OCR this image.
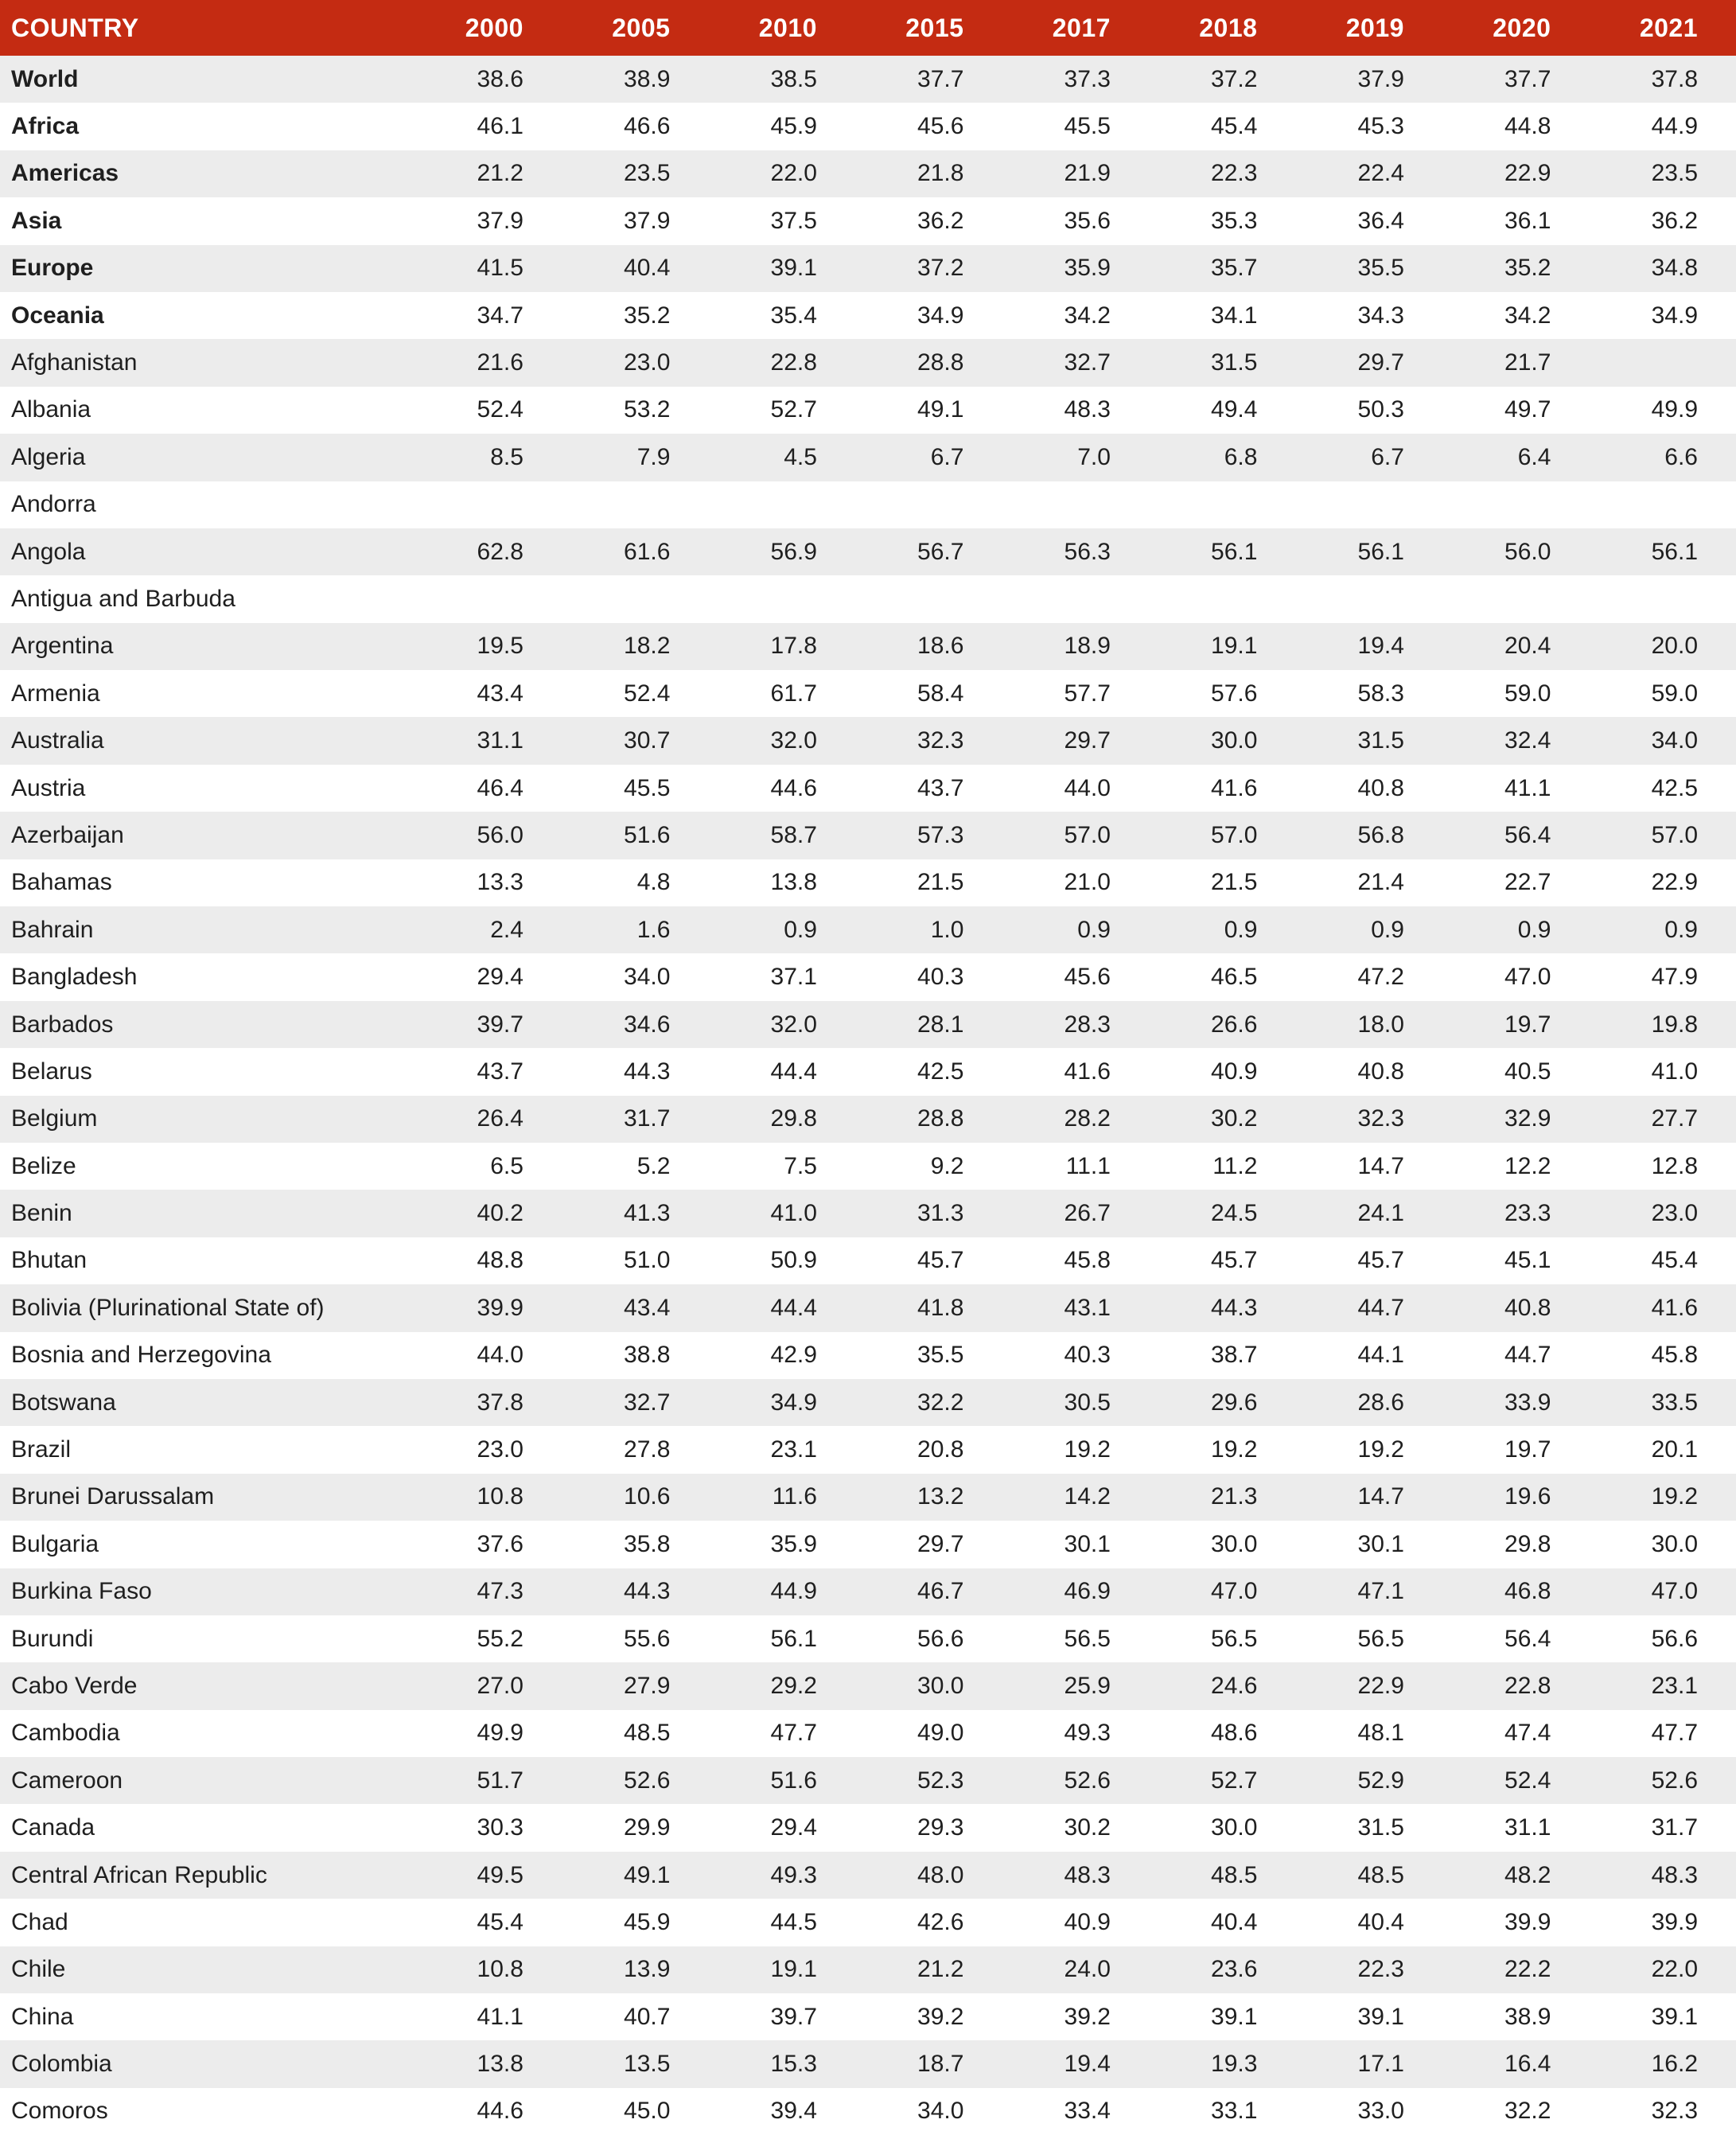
COUNTRY	2000	2005	2010	2015	2017	2018	2019	2020	2021
World	38.6	38.9	38.5	37.7	37.3	37.2	37.9	37.7	37.8
Africa	46.1	46.6	45.9	45.6	45.5	45.4	45.3	44.8	44.9
Americas	21.2	23.5	22.0	21.8	21.9	22.3	22.4	22.9	23.5
Asia	37.9	37.9	37.5	36.2	35.6	35.3	36.4	36.1	36.2
Europe	41.5	40.4	39.1	37.2	35.9	35.7	35.5	35.2	34.8
Oceania	34.7	35.2	35.4	34.9	34.2	34.1	34.3	34.2	34.9
Afghanistan	21.6	23.0	22.8	28.8	32.7	31.5	29.7	21.7	
Albania	52.4	53.2	52.7	49.1	48.3	49.4	50.3	49.7	49.9
Algeria	8.5	7.9	4.5	6.7	7.0	6.8	6.7	6.4	6.6
Andorra									
Angola	62.8	61.6	56.9	56.7	56.3	56.1	56.1	56.0	56.1
Antigua and Barbuda									
Argentina	19.5	18.2	17.8	18.6	18.9	19.1	19.4	20.4	20.0
Armenia	43.4	52.4	61.7	58.4	57.7	57.6	58.3	59.0	59.0
Australia	31.1	30.7	32.0	32.3	29.7	30.0	31.5	32.4	34.0
Austria	46.4	45.5	44.6	43.7	44.0	41.6	40.8	41.1	42.5
Azerbaijan	56.0	51.6	58.7	57.3	57.0	57.0	56.8	56.4	57.0
Bahamas	13.3	4.8	13.8	21.5	21.0	21.5	21.4	22.7	22.9
Bahrain	2.4	1.6	0.9	1.0	0.9	0.9	0.9	0.9	0.9
Bangladesh	29.4	34.0	37.1	40.3	45.6	46.5	47.2	47.0	47.9
Barbados	39.7	34.6	32.0	28.1	28.3	26.6	18.0	19.7	19.8
Belarus	43.7	44.3	44.4	42.5	41.6	40.9	40.8	40.5	41.0
Belgium	26.4	31.7	29.8	28.8	28.2	30.2	32.3	32.9	27.7
Belize	6.5	5.2	7.5	9.2	11.1	11.2	14.7	12.2	12.8
Benin	40.2	41.3	41.0	31.3	26.7	24.5	24.1	23.3	23.0
Bhutan	48.8	51.0	50.9	45.7	45.8	45.7	45.7	45.1	45.4
Bolivia (Plurinational State of)	39.9	43.4	44.4	41.8	43.1	44.3	44.7	40.8	41.6
Bosnia and Herzegovina	44.0	38.8	42.9	35.5	40.3	38.7	44.1	44.7	45.8
Botswana	37.8	32.7	34.9	32.2	30.5	29.6	28.6	33.9	33.5
Brazil	23.0	27.8	23.1	20.8	19.2	19.2	19.2	19.7	20.1
Brunei Darussalam	10.8	10.6	11.6	13.2	14.2	21.3	14.7	19.6	19.2
Bulgaria	37.6	35.8	35.9	29.7	30.1	30.0	30.1	29.8	30.0
Burkina Faso	47.3	44.3	44.9	46.7	46.9	47.0	47.1	46.8	47.0
Burundi	55.2	55.6	56.1	56.6	56.5	56.5	56.5	56.4	56.6
Cabo Verde	27.0	27.9	29.2	30.0	25.9	24.6	22.9	22.8	23.1
Cambodia	49.9	48.5	47.7	49.0	49.3	48.6	48.1	47.4	47.7
Cameroon	51.7	52.6	51.6	52.3	52.6	52.7	52.9	52.4	52.6
Canada	30.3	29.9	29.4	29.3	30.2	30.0	31.5	31.1	31.7
Central African Republic	49.5	49.1	49.3	48.0	48.3	48.5	48.5	48.2	48.3
Chad	45.4	45.9	44.5	42.6	40.9	40.4	40.4	39.9	39.9
Chile	10.8	13.9	19.1	21.2	24.0	23.6	22.3	22.2	22.0
China	41.1	40.7	39.7	39.2	39.2	39.1	39.1	38.9	39.1
Colombia	13.8	13.5	15.3	18.7	19.4	19.3	17.1	16.4	16.2
Comoros	44.6	45.0	39.4	34.0	33.4	33.1	33.0	32.2	32.3
